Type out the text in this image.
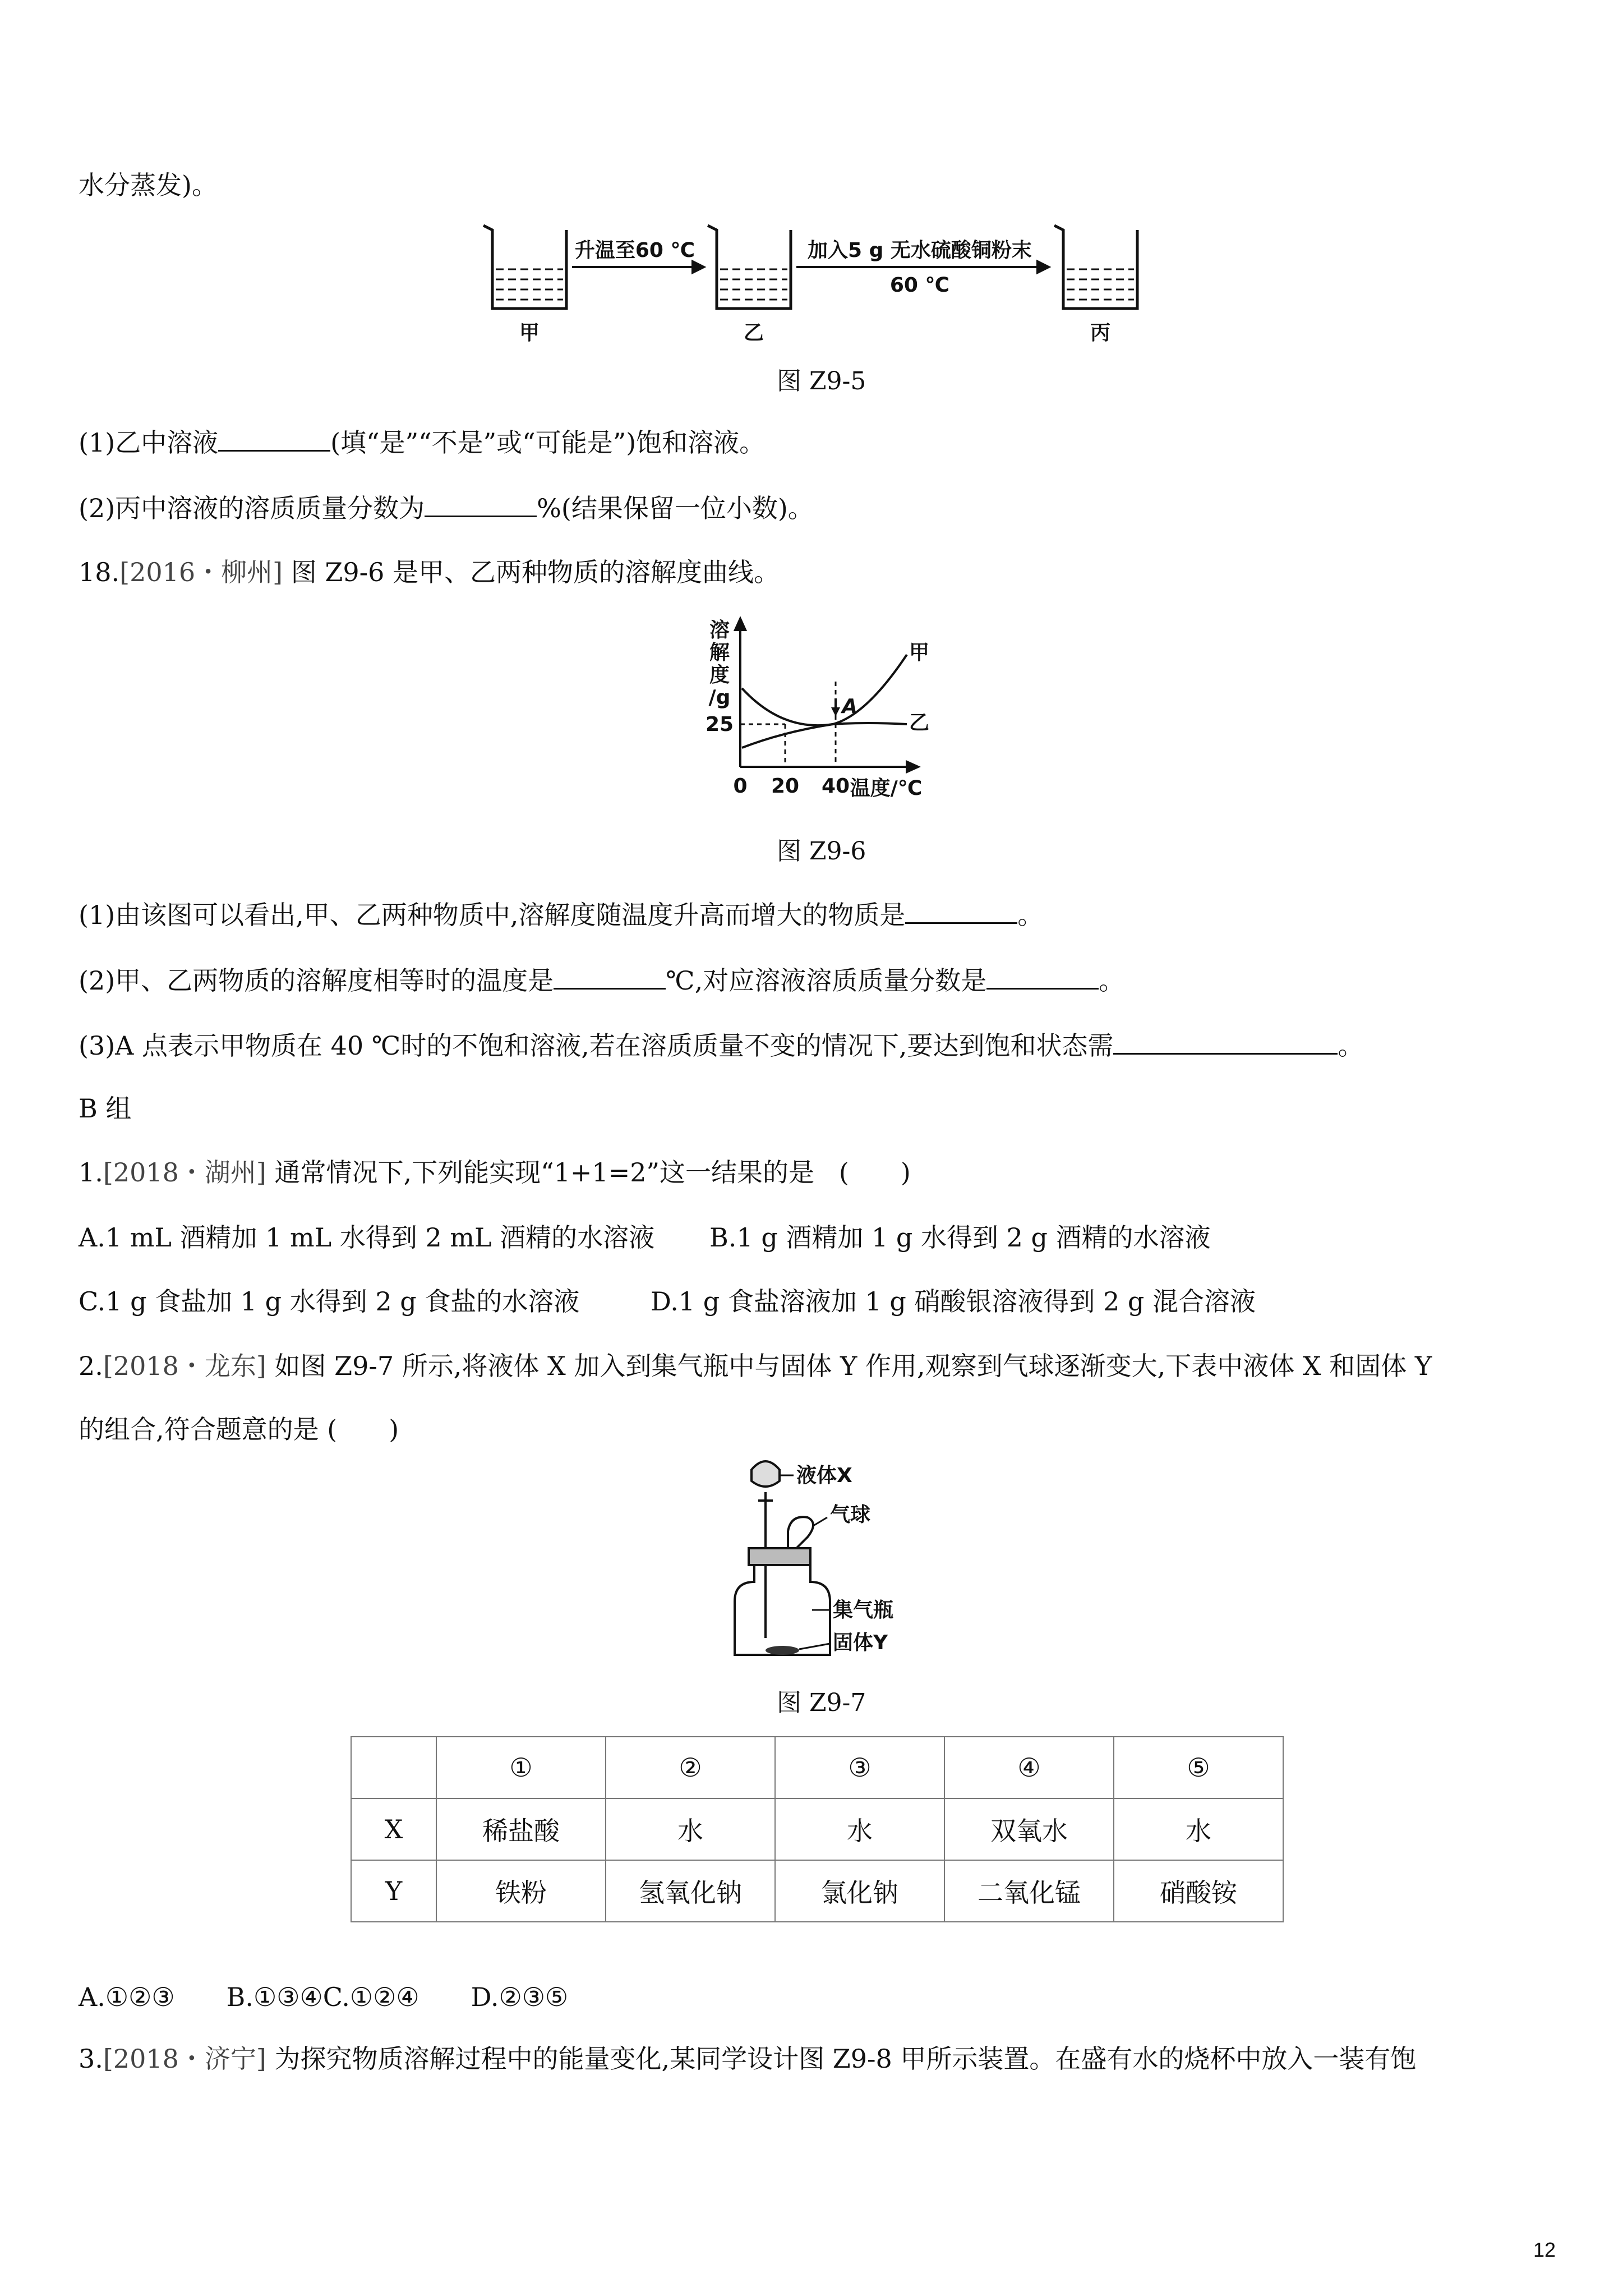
水分蒸发)。
升温至60 ℃	加入5 g 无水硫酸铜粉末
60 ℃
甲	乙	丙
图 Z9-5
(1)乙中溶液	(填“是”“不是”或“可能是”)饱和溶液。
(2)丙中溶液的溶质质量分数为	%(结果保留一位小数)。
18.[2016・柳州] 图 Z9-6 是甲、乙两种物质的溶解度曲线。
溶
解
度
/g
25
0 20 40 温度/℃
甲
乙
A
图 Z9-6
(1)由该图可以看出,甲、乙两种物质中,溶解度随温度升高而增大的物质是	。
(2)甲、乙两物质的溶解度相等时的温度是	℃,对应溶液溶质质量分数是	。
(3)A 点表示甲物质在 40 ℃时的不饱和溶液,若在溶质质量不变的情况下,要达到饱和状态需	。
B 组
1.[2018・湖州] 通常情况下,下列能实现“1+1=2”这一结果的是 (　　)
A.1 mL 酒精加 1 mL 水得到 2 mL 酒精的水溶液 B.1 g 酒精加 1 g 水得到 2 g 酒精的水溶液
C.1 g 食盐加 1 g 水得到 2 g 食盐的水溶液	D.1 g 食盐溶液加 1 g 硝酸银溶液得到 2 g 混合溶液
2.[2018・龙东] 如图 Z9-7 所示,将液体 X 加入到集气瓶中与固体 Y 作用,观察到气球逐渐变大,下表中液体 X 和固体 Y
的组合,符合题意的是 (　　)
液体X
气球
集气瓶
固体Y
图 Z9-7
	①	②	③	④	⑤
X	稀盐酸	水	水	双氧水	水
Y	铁粉	氢氧化钠	氯化钠	二氧化锰	硝酸铵
A.①②③　　B.①③④C.①②④　　D.②③⑤
3.[2018・济宁] 为探究物质溶解过程中的能量变化,某同学设计图 Z9-8 甲所示装置。在盛有水的烧杯中放入一装有饱
12
